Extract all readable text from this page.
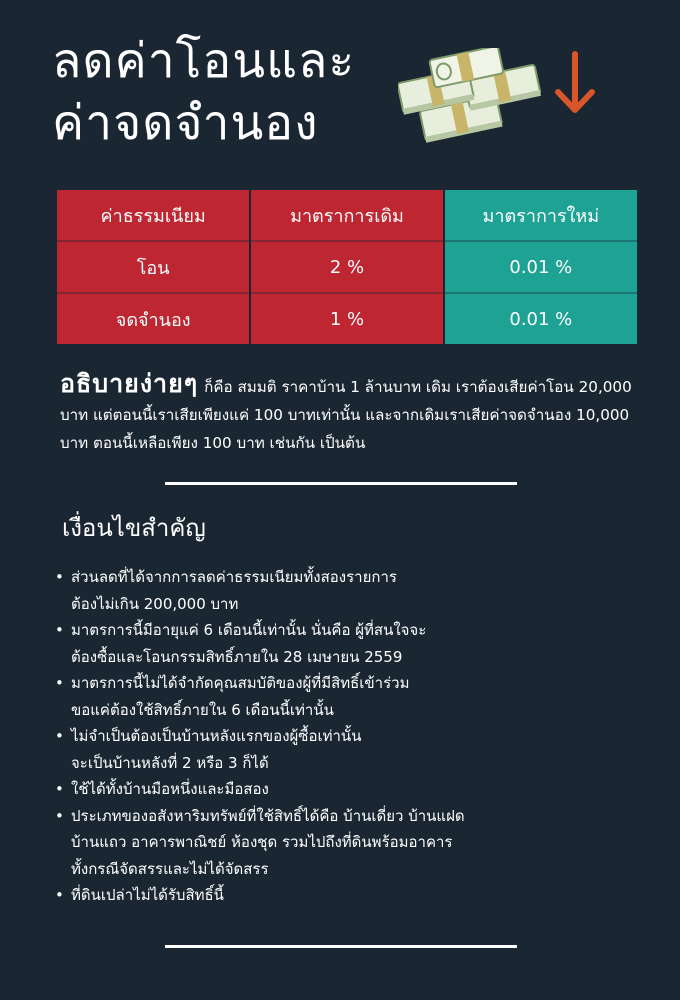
ลดค่าโอนและ
ค่าจดจำนอง
ค่าธรรมเนียม	มาตราการเดิม	มาตราการใหม่
โอน	2 %	0.01 %
จดจำนอง	1 %	0.01 %

อธิบายง่ายๆ ก็คือ สมมติ ราคาบ้าน 1 ล้านบาท เดิม เราต้องเสียค่าโอน 20,000 บาท แต่ตอนนี้เราเสียเพียงแค่ 100 บาทเท่านั้น และจากเดิมเราเสียค่าจดจำนอง 10,000 บาท ตอนนี้เหลือเพียง 100 บาท เช่นกัน เป็นต้น

เงื่อนไขสำคัญ
• ส่วนลดที่ได้จากการลดค่าธรรมเนียมทั้งสองรายการ
ต้องไม่เกิน 200,000 บาท
• มาตรการนี้มีอายุแค่ 6 เดือนนี้เท่านั้น นั่นคือ ผู้ที่สนใจจะ
ต้องซื้อและโอนกรรมสิทธิ์ภายใน 28 เมษายน 2559
• มาตรการนี้ไม่ได้จำกัดคุณสมบัติของผู้ที่มีสิทธิ์เข้าร่วม
ขอแค่ต้องใช้สิทธิ์ภายใน 6 เดือนนี้เท่านั้น
• ไม่จำเป็นต้องเป็นบ้านหลังแรกของผู้ซื้อเท่านั้น
จะเป็นบ้านหลังที่ 2 หรือ 3 ก็ได้
• ใช้ได้ทั้งบ้านมือหนึ่งและมือสอง
• ประเภทของอสังหาริมทรัพย์ที่ใช้สิทธิ์ได้คือ บ้านเดี่ยว บ้านแฝด
บ้านแถว อาคารพาณิชย์ ห้องชุด รวมไปถึงที่ดินพร้อมอาคาร
ทั้งกรณีจัดสรรและไม่ได้จัดสรร
• ที่ดินเปล่าไม่ได้รับสิทธิ์นี้
